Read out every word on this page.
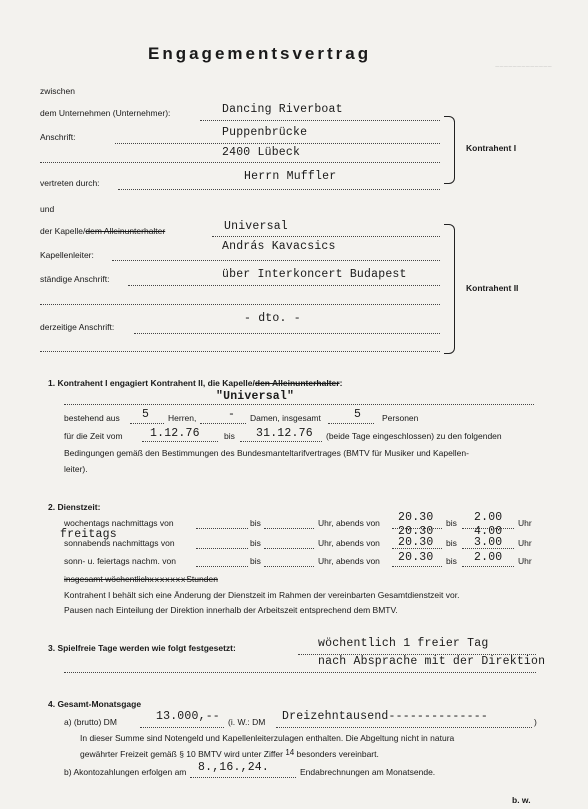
~~~~~~~~~~~~~
Engagementsvertrag
zwischen
dem Unternehmen (Unternehmer):	Dancing Riverboat
Anschrift:	Puppenbrücke
2400 Lübeck
vertreten durch:	Herrn Muffler
Kontrahent I
und
der Kapelle/dem Alleinunterhalter	Universal
Kapellenleiter:
András Kavacsics
ständige Anschrift:	über Interkoncert Budapest
derzeitige Anschrift:
- dto. -
Kontrahent II
1. Kontrahent I engagiert Kontrahent II, die Kapelle/den Alleinunterhalter:
"Universal"
bestehend aus 5 Herren,	- Damen, insgesamt	5 Personen
für die Zeit vom 1.12.76	bis 31.12.76 (beide Tage eingeschlossen) zu den folgenden
Bedingungen gemäß den Bestimmungen des Bundesmanteltarifvertrages (BMTV für Musiker und Kapellen-
leiter).
2. Dienstzeit:
wochentags nachmittags von	bis	Uhr, abends von 20.30 bis 2.00 Uhr
freitags	20.30	4.00
sonnabends nachmittags von	bis	Uhr, abends von 20.30 bis 3.00 Uhr
sonn- u. feiertags nachm. von	bis	Uhr, abends von 20.30 bis 2.00 Uhr
insgesamt wöchentlichxxxxxxxStunden
Kontrahent I behält sich eine Änderung der Dienstzeit im Rahmen der vereinbarten Gesamtdienstzeit vor.
Pausen nach Einteilung der Direktion innerhalb der Arbeitszeit entsprechend dem BMTV.
3. Spielfreie Tage werden wie folgt festgesetzt:	wöchentlich 1 freier Tag
nach Absprache mit der Direktion
4. Gesamt-Monatsgage
a) (brutto) DM	13.000,-- (i. W.: DM Dreizehntausend--------------	)
In dieser Summe sind Notengeld und Kapellenleiterzulagen enthalten. Die Abgeltung nicht in natura
gewährter Freizeit gemäß § 10 BMTV wird unter Ziffer 14 besonders vereinbart.
b) Akontozahlungen erfolgen am 8.,16.,24.	Endabrechnungen am Monatsende.
b. w.
